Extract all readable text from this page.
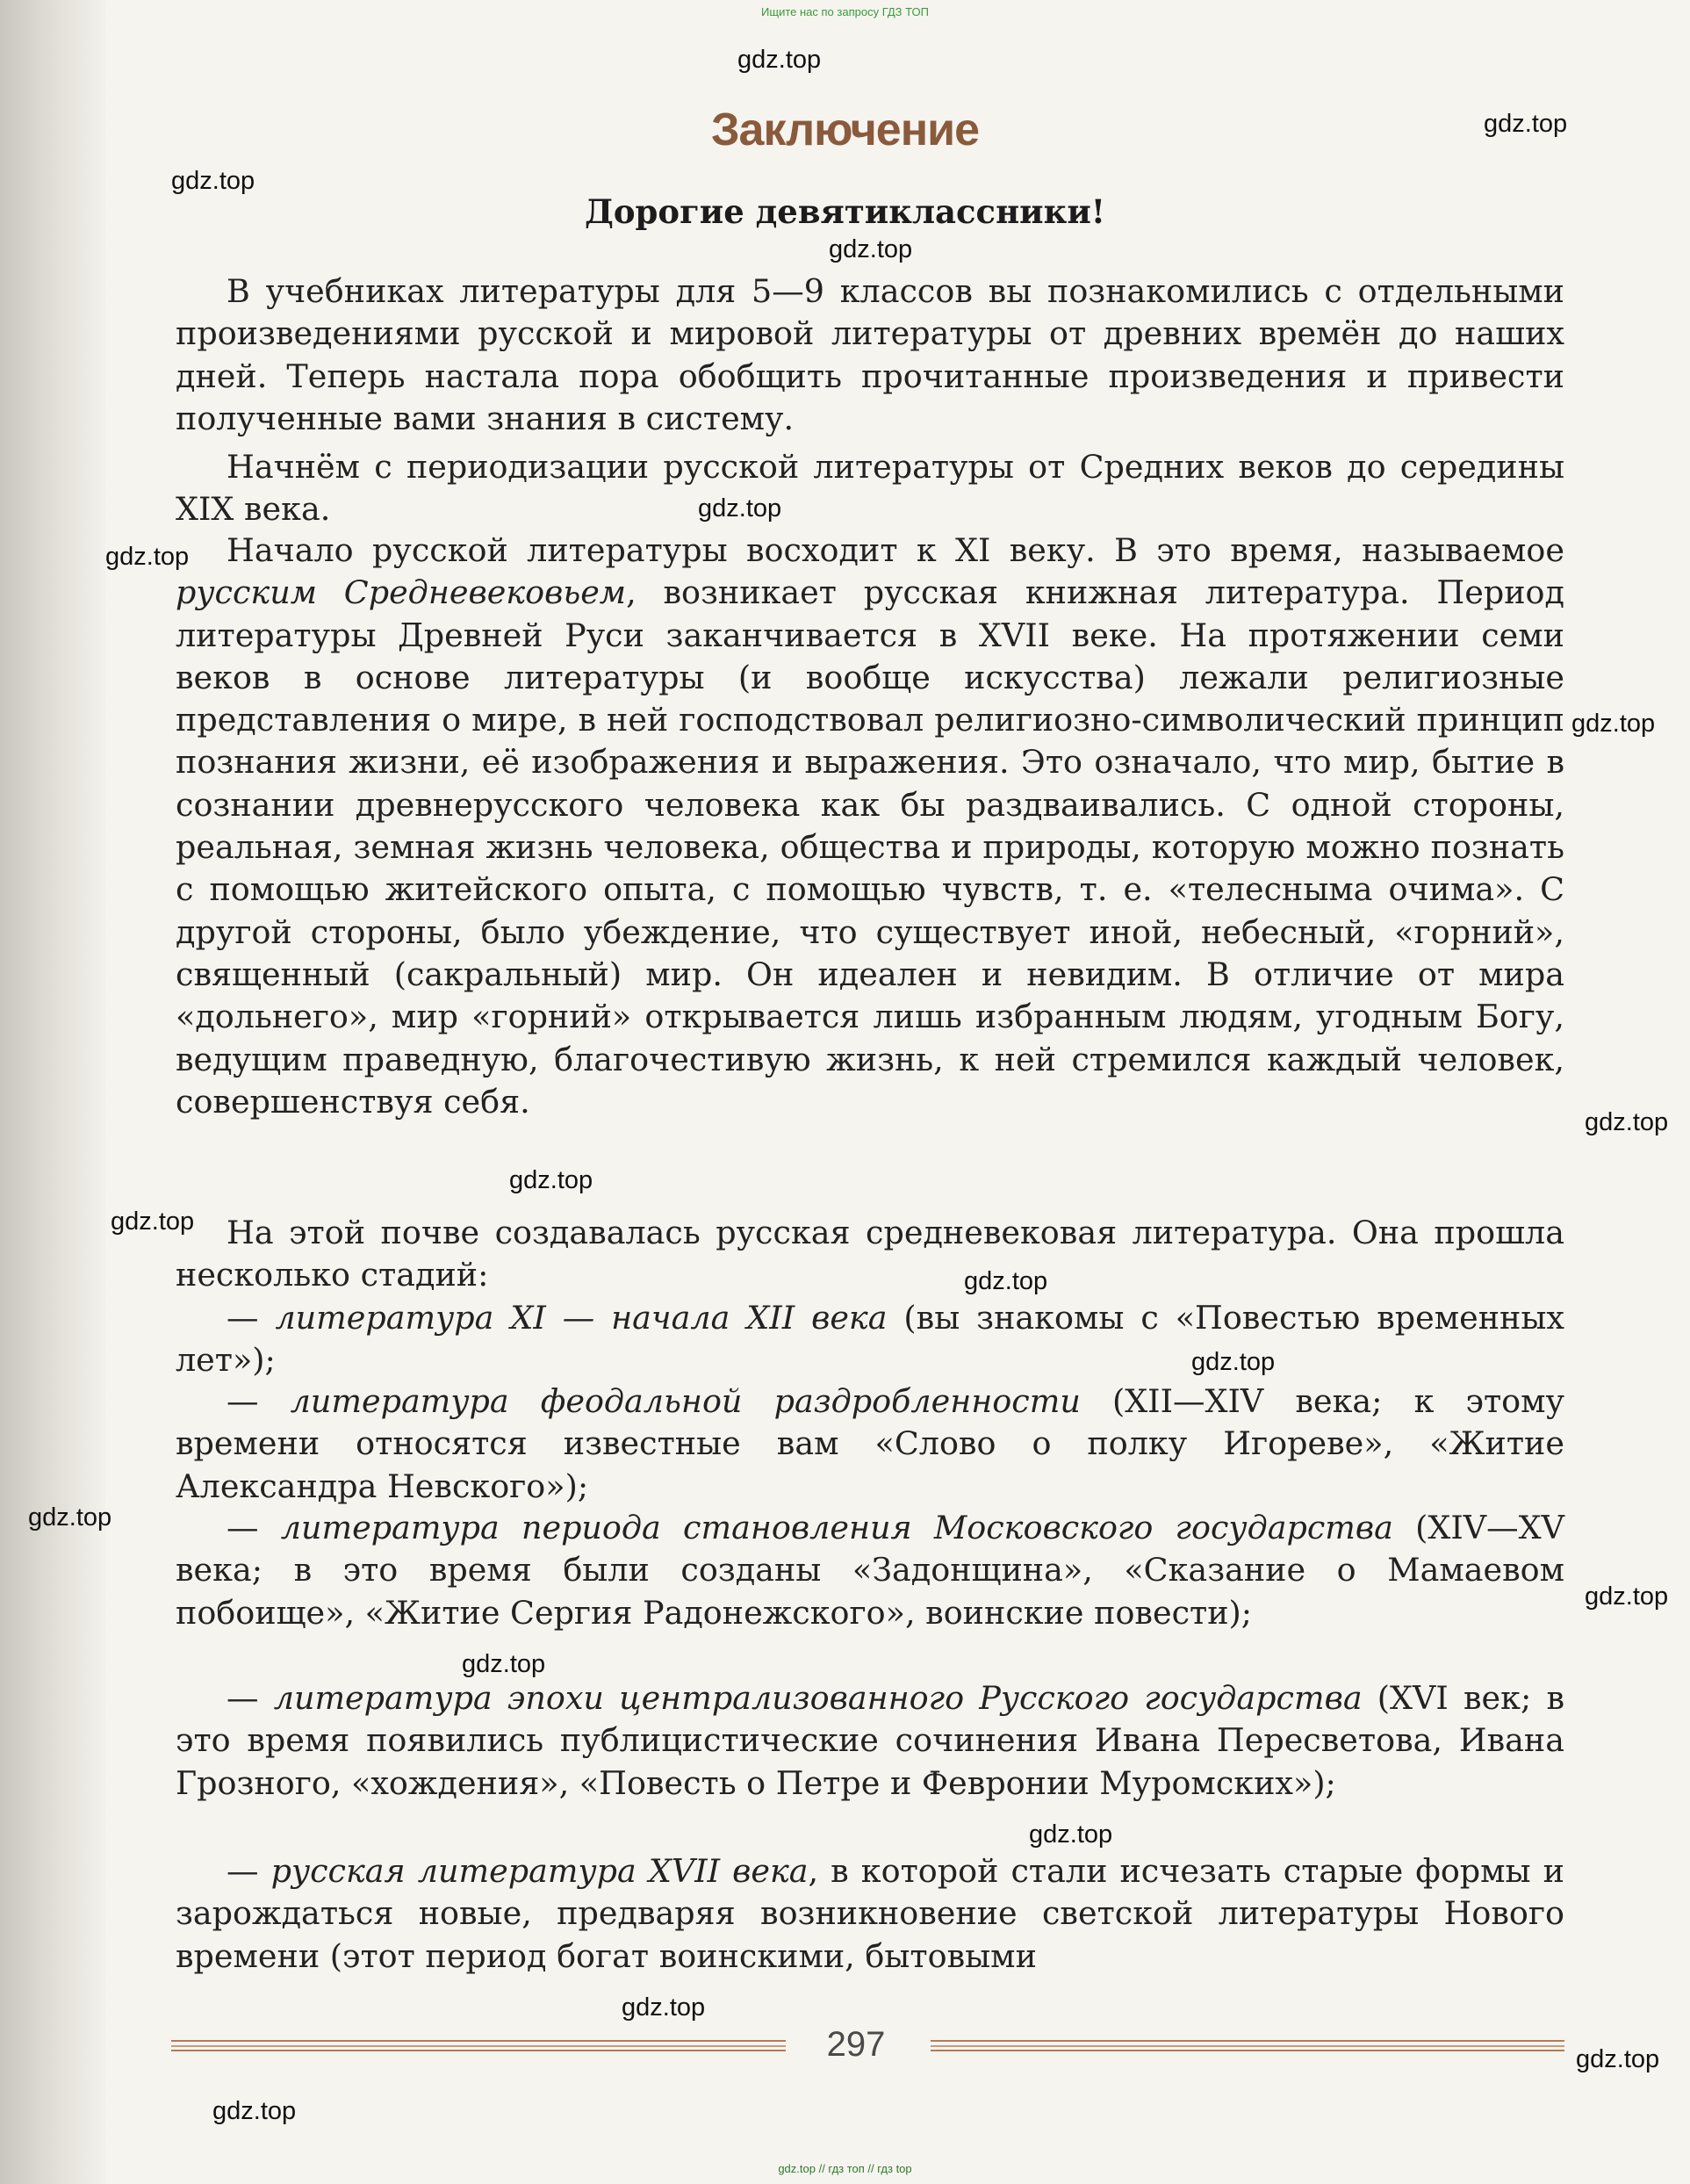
Ищите нас по запросу ГДЗ ТОП
Заключение
Дорогие девятиклассники!
В учебниках литературы для 5—9 классов вы познакомились с отдельными произведениями русской и мировой литературы от древних времён до наших дней. Теперь настала пора обобщить прочитанные произведения и привести полученные вами знания в систему.
Начнём с периодизации русской литературы от Средних веков до середины XIX века.
Начало русской литературы восходит к XI веку. В это время, называемое русским Средневековьем, возникает русская книжная литература. Период литературы Древней Руси заканчивается в XVII веке. На протяжении семи веков в основе литературы (и вообще искусства) лежали религиозные представления о мире, в ней господствовал религиозно-символический принцип познания жизни, её изображения и выражения. Это означало, что мир, бытие в сознании древнерусского человека как бы раздваивались. С одной стороны, реальная, земная жизнь человека, общества и природы, которую можно познать с помощью житейского опыта, с помощью чувств, т. е. «телесныма очима». С другой стороны, было убеждение, что существует иной, небесный, «горний», священный (сакральный) мир. Он идеален и невидим. В отличие от мира «дольнего», мир «горний» открывается лишь избранным людям, угодным Богу, ведущим праведную, благочестивую жизнь, к ней стремился каждый человек, совершенствуя себя.
На этой почве создавалась русская средневековая литература. Она прошла несколько стадий:
— литература XI — начала XII века (вы знакомы с «Повестью временных лет»);
— литература феодальной раздробленности (XII—XIV века; к этому времени относятся известные вам «Слово о полку Игореве», «Житие Александра Невского»);
— литература периода становления Московского государства (XIV—XV века; в это время были созданы «Задонщина», «Сказание о Мамаевом побоище», «Житие Сергия Радонежского», воинские повести);
— литература эпохи централизованного Русского государства (XVI век; в это время появились публицистические сочинения Ивана Пересветова, Ивана Грозного, «хождения», «Повесть о Петре и Февронии Муромских»);
— русская литература XVII века, в которой стали исчезать старые формы и зарождаться новые, предваряя возникновение светской литературы Нового времени (этот период богат воинскими, бытовыми
297
gdz.top // гдз топ // гдз top
gdz.top
gdz.top
gdz.top
gdz.top
gdz.top
gdz.top
gdz.top
gdz.top
gdz.top
gdz.top
gdz.top
gdz.top
gdz.top
gdz.top
gdz.top
gdz.top
gdz.top
gdz.top
gdz.top
